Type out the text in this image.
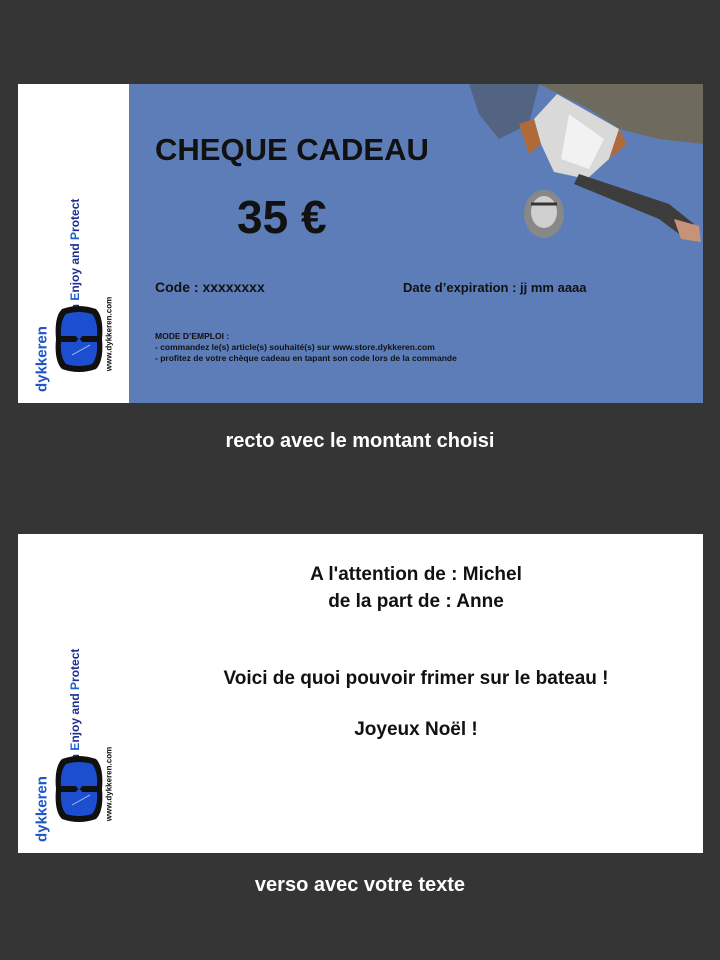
Enjoy and Protect
dykkeren	www.dykkeren.com
CHEQUE CADEAU
35 €
Code : xxxxxxxx	Date d’expiration : jj mm aaaa
MODE D’EMPLOI :
- commandez le(s) article(s) souhaité(s) sur www.store.dykkeren.com
- profitez de votre chèque cadeau en tapant son code lors de la commande
recto avec le montant choisi
Enjoy and Protect
dykkeren	www.dykkeren.com
A l'attention de : Michel
de la part de : Anne
Voici de quoi pouvoir frimer sur le bateau !
Joyeux Noël !
verso avec votre texte
